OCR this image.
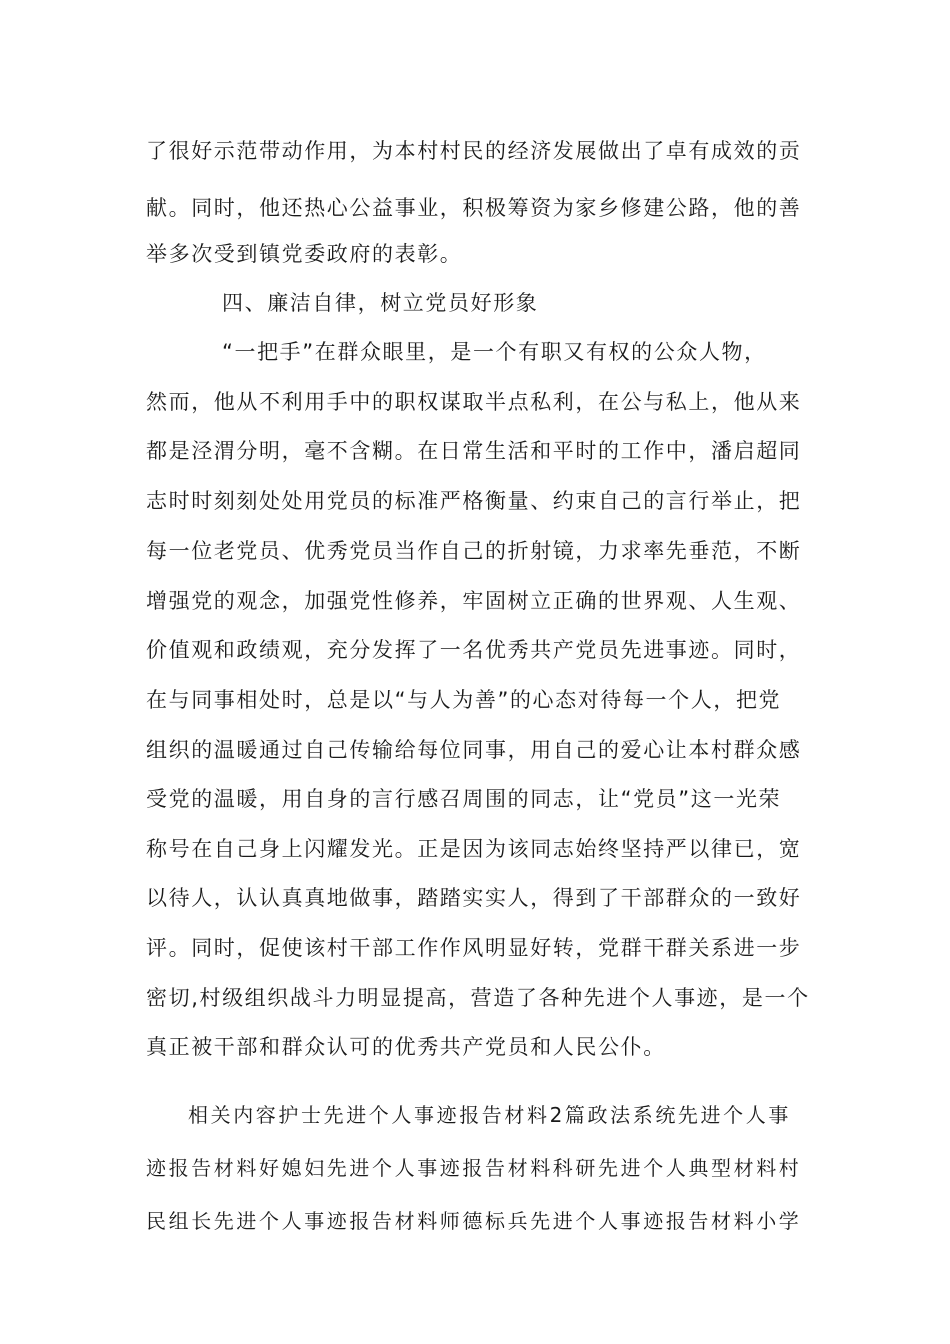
了很好示范带动作用，为本村村民的经济发展做出了卓有成效的贡
献。同时，他还热心公益事业，积极筹资为家乡修建公路，他的善
举多次受到镇党委政府的表彰。
四、廉洁自律，树立党员好形象
“一把手”在群众眼里，是一个有职又有权的公众人物，
然而，他从不利用手中的职权谋取半点私利，在公与私上，他从来
都是泾渭分明，毫不含糊。在日常生活和平时的工作中，潘启超同
志时时刻刻处处用党员的标准严格衡量、约束自己的言行举止，把
每一位老党员、优秀党员当作自己的折射镜，力求率先垂范，不断
增强党的观念，加强党性修养，牢固树立正确的世界观、人生观、
价值观和政绩观，充分发挥了一名优秀共产党员先进事迹。同时，
在与同事相处时，总是以“与人为善”的心态对待每一个人，把党
组织的温暖通过自己传输给每位同事，用自己的爱心让本村群众感
受党的温暖，用自身的言行感召周围的同志，让“党员”这一光荣
称号在自己身上闪耀发光。正是因为该同志始终坚持严以律已，宽
以待人，认认真真地做事，踏踏实实人，得到了干部群众的一致好
评。同时，促使该村干部工作作风明显好转，党群干群关系进一步
密切,村级组织战斗力明显提高，营造了各种先进个人事迹，是一个
真正被干部和群众认可的优秀共产党员和人民公仆。
相关内容护士先进个人事迹报告材料2篇政法系统先进个人事
迹报告材料好媳妇先进个人事迹报告材料科研先进个人典型材料村
民组长先进个人事迹报告材料师德标兵先进个人事迹报告材料小学
